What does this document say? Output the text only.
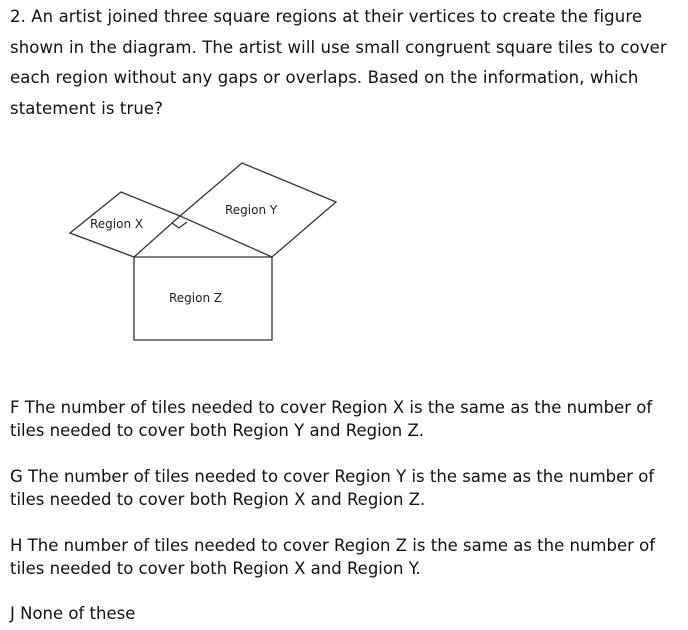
2. An artist joined three square regions at their vertices to create the figure shown in the diagram. The artist will use small congruent square tiles to cover each region without any gaps or overlaps. Based on the information, which statement is true?

Region X
Region Y
Region Z

F The number of tiles needed to cover Region X is the same as the number of tiles needed to cover both Region Y and Region Z.

G The number of tiles needed to cover Region Y is the same as the number of tiles needed to cover both Region X and Region Z.

H The number of tiles needed to cover Region Z is the same as the number of tiles needed to cover both Region X and Region Y.

J None of these
